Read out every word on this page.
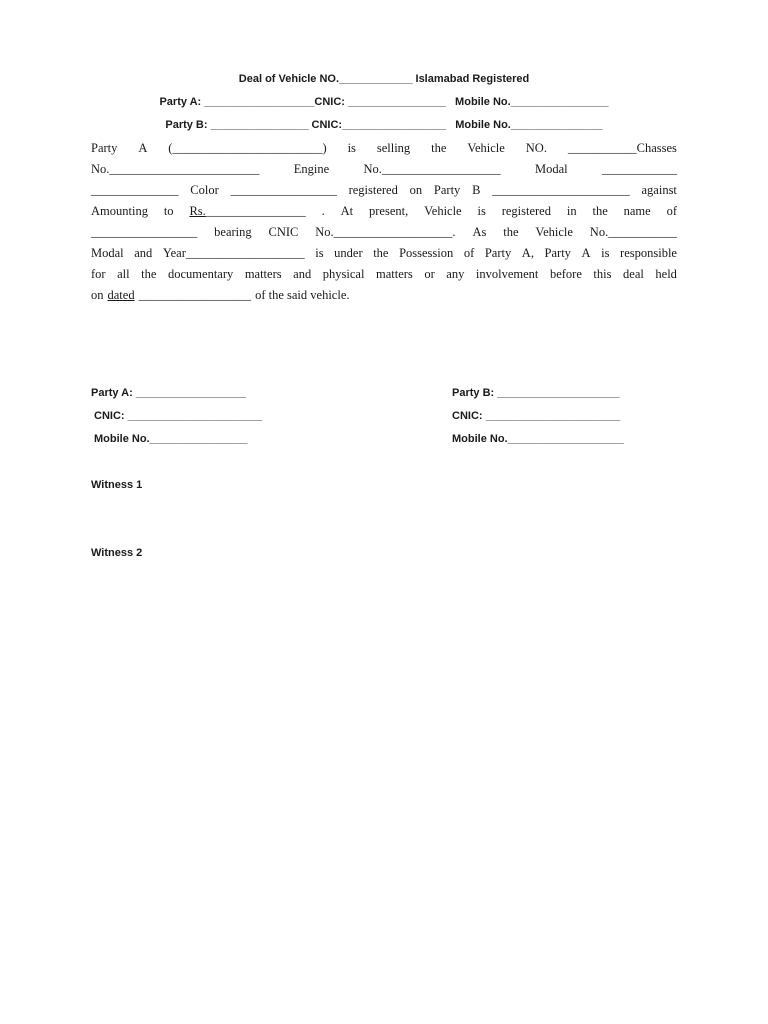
Deal of Vehicle NO.____________ Islamabad Registered
Party A: __________________CNIC: ________________   Mobile No.________________
Party B: ________________ CNIC:_________________   Mobile No._______________
Party A (________________________) is selling the Vehicle NO. ___________Chasses
No.________________________	Engine	No.___________________	Modal	____________
______________ Color _________________ registered on Party B ______________________ against
Amounting to Rs.________________ . At present, Vehicle is registered in the name of
_________________ bearing CNIC No.___________________. As the Vehicle No.___________
Modal and Year___________________ is under the Possession of Party A, Party A is responsible
for all the documentary matters and physical matters or any involvement before this deal held
on dated __________________ of the said vehicle.
Party A: __________________
CNIC: ______________________
Mobile No.________________
Party B: ____________________
CNIC: ______________________
Mobile No.___________________
Witness 1
Witness 2
